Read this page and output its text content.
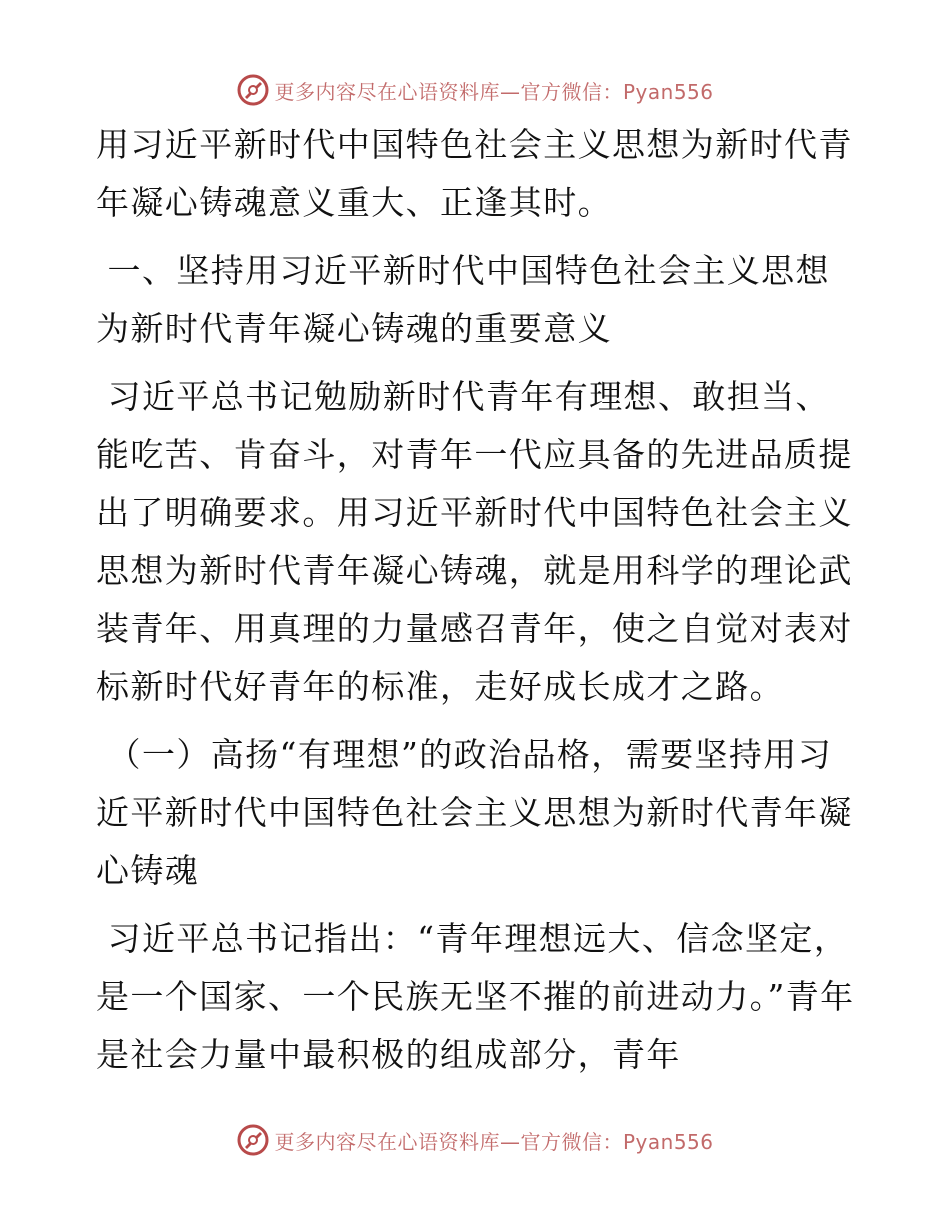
更多内容尽在心语资料库—官方微信：Pyan556

用习近平新时代中国特色社会主义思想为新时代青年凝心铸魂意义重大、正逢其时。

一、坚持用习近平新时代中国特色社会主义思想为新时代青年凝心铸魂的重要意义

习近平总书记勉励新时代青年有理想、敢担当、能吃苦、肯奋斗，对青年一代应具备的先进品质提出了明确要求。用习近平新时代中国特色社会主义思想为新时代青年凝心铸魂，就是用科学的理论武装青年、用真理的力量感召青年，使之自觉对表对标新时代好青年的标准，走好成长成才之路。

（一）高扬“有理想”的政治品格，需要坚持用习近平新时代中国特色社会主义思想为新时代青年凝心铸魂

习近平总书记指出：“青年理想远大、信念坚定，是一个国家、一个民族无坚不摧的前进动力。”青年是社会力量中最积极的组成部分，青年

更多内容尽在心语资料库—官方微信：Pyan556
